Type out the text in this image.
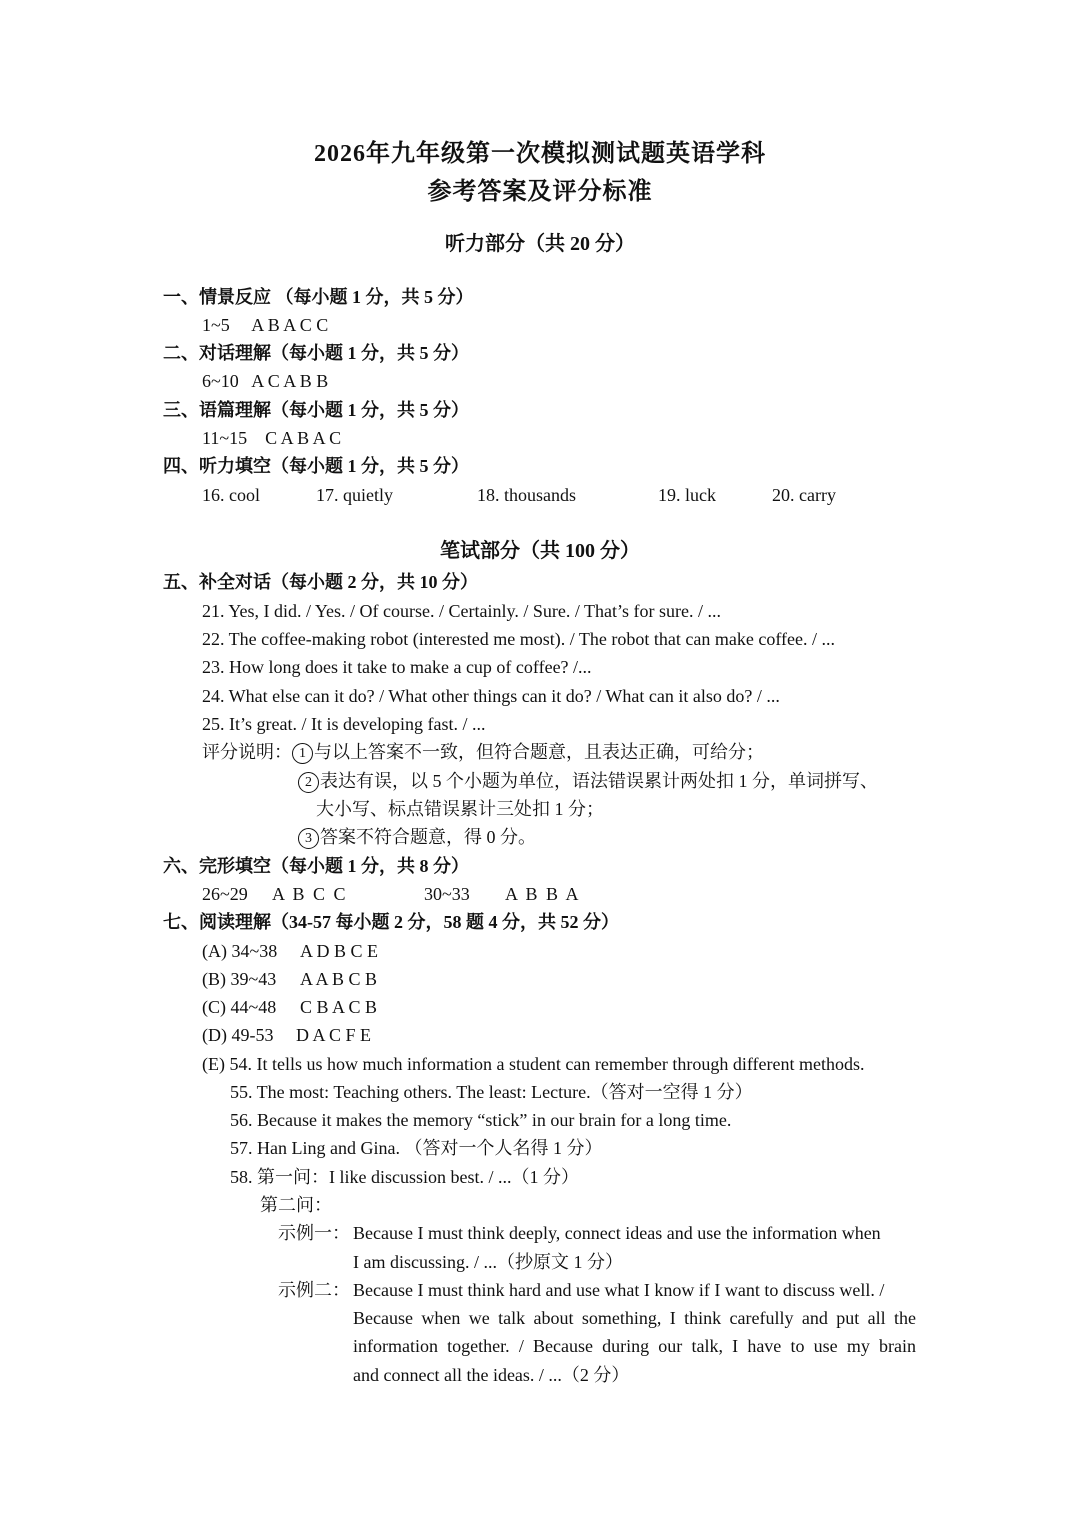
2026年九年级第一次模拟测试题英语学科
参考答案及评分标准
听力部分（共 20 分）
一、情景反应 （每小题 1 分，共 5 分）
1~5 A B A C C
二、对话理解（每小题 1 分，共 5 分）
6~10 A C A B B
三、语篇理解（每小题 1 分，共 5 分）
11~15 C A B A C
四、听力填空（每小题 1 分，共 5 分）
16. cool	17. quietly	18. thousands	19. luck	20. carry
笔试部分（共 100 分）
五、补全对话（每小题 2 分，共 10 分）
21. Yes, I did. / Yes. / Of course. / Certainly. / Sure. / That’s for sure. / ...
22. The coffee-making robot (interested me most). / The robot that can make coffee. / ...
23. How long does it take to make a cup of coffee? /...
24. What else can it do? / What other things can it do? / What can it also do? / ...
25. It’s great. / It is developing fast. / ...
评分说明： 1 与以上答案不一致，但符合题意，且表达正确，可给分；
2 表达有误，以 5 个小题为单位，语法错误累计两处扣 1 分，单词拼写、
大小写、标点错误累计三处扣 1 分；
3 答案不符合题意，得 0 分。
六、完形填空（每小题 1 分，共 8 分）
26~29 A B C C	30~33 A B B A
七、阅读理解（34-57 每小题 2 分，58 题 4 分，共 52 分）
(A) 34~38 A D B C E
(B) 39~43 A A B C B
(C) 44~48 C B A C B
(D) 49-53 D A C F E
(E) 54. It tells us how much information a student can remember through different methods.
55. The most: Teaching others. The least: Lecture.（答对一空得 1 分）
56. Because it makes the memory “stick” in our brain for a long time.
57. Han Ling and Gina. （答对一个人名得 1 分）
58. 第一问：I like discussion best. / ...（1 分）
第二问：
示例一： Because I must think deeply, connect ideas and use the information when
I am discussing. / ...（抄原文 1 分）
示例二： Because I must think hard and use what I know if I want to discuss well. /
Because when we talk about something, I think carefully and put all the
information together. / Because during our talk, I have to use my brain
and connect all the ideas. / ...（2 分）
